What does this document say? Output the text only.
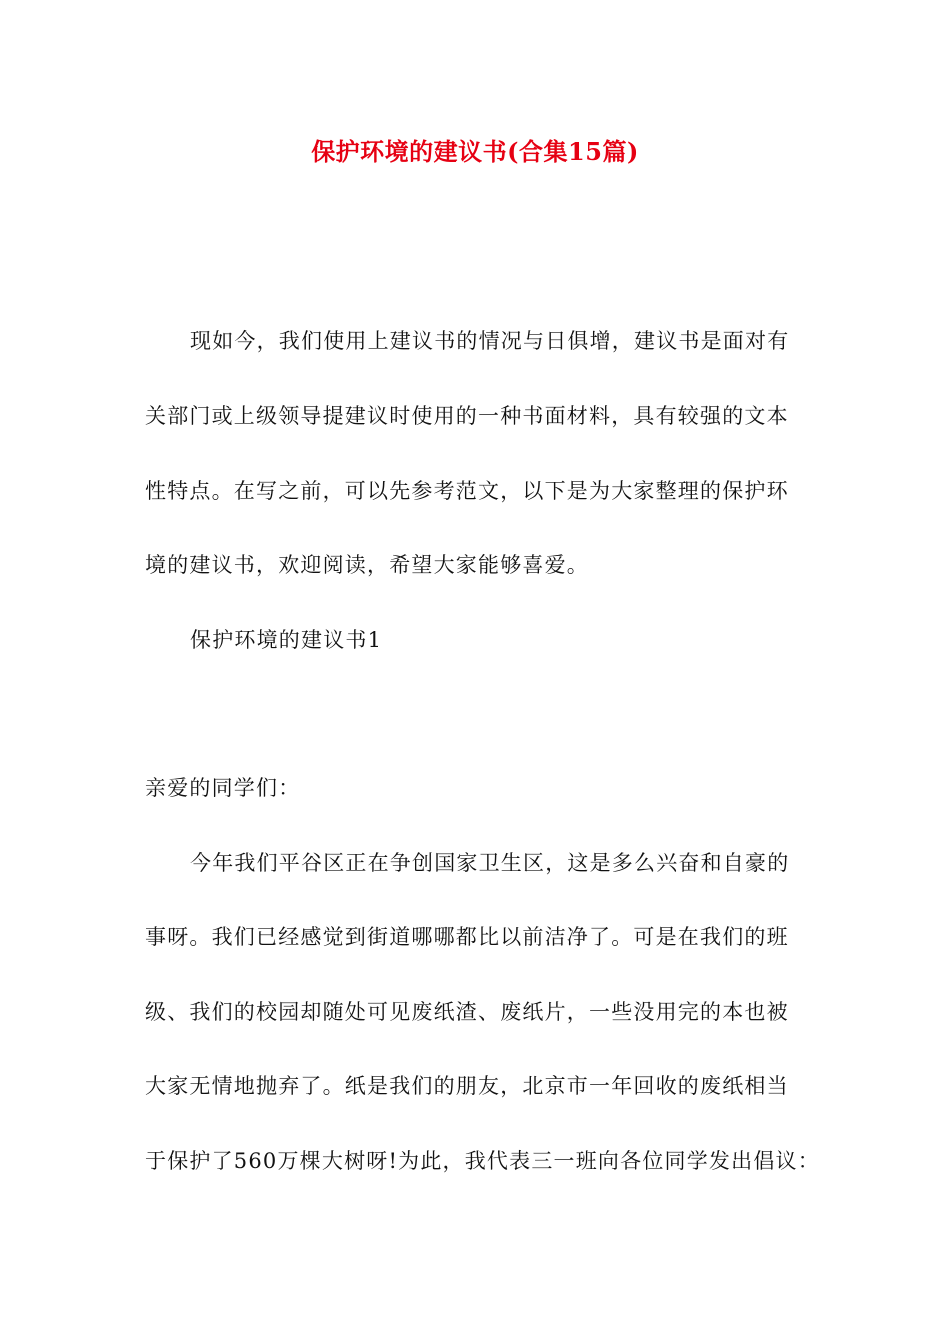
保护环境的建议书(合集15篇)
现如今，我们使用上建议书的情况与日俱增，建议书是面对有
关部门或上级领导提建议时使用的一种书面材料，具有较强的文本
性特点。在写之前，可以先参考范文，以下是为大家整理的保护环
境的建议书，欢迎阅读，希望大家能够喜爱。
保护环境的建议书1
亲爱的同学们：
今年我们平谷区正在争创国家卫生区，这是多么兴奋和自豪的
事呀。我们已经感觉到街道哪哪都比以前洁净了。可是在我们的班
级、我们的校园却随处可见废纸渣、废纸片，一些没用完的本也被
大家无情地抛弃了。纸是我们的朋友，北京市一年回收的废纸相当
于保护了560万棵大树呀!为此，我代表三一班向各位同学发出倡议：
